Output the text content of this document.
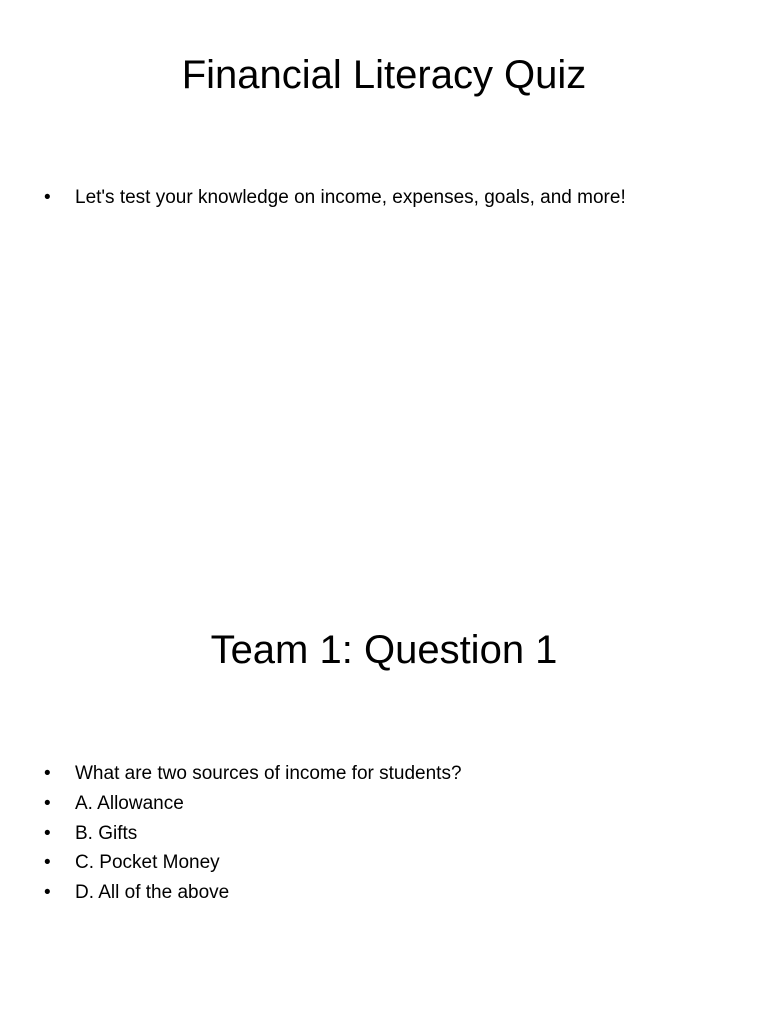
Financial Literacy Quiz
• Let's test your knowledge on income, expenses, goals, and more!
Team 1: Question 1
• What are two sources of income for students?
• A. Allowance
• B. Gifts
• C. Pocket Money
• D. All of the above
